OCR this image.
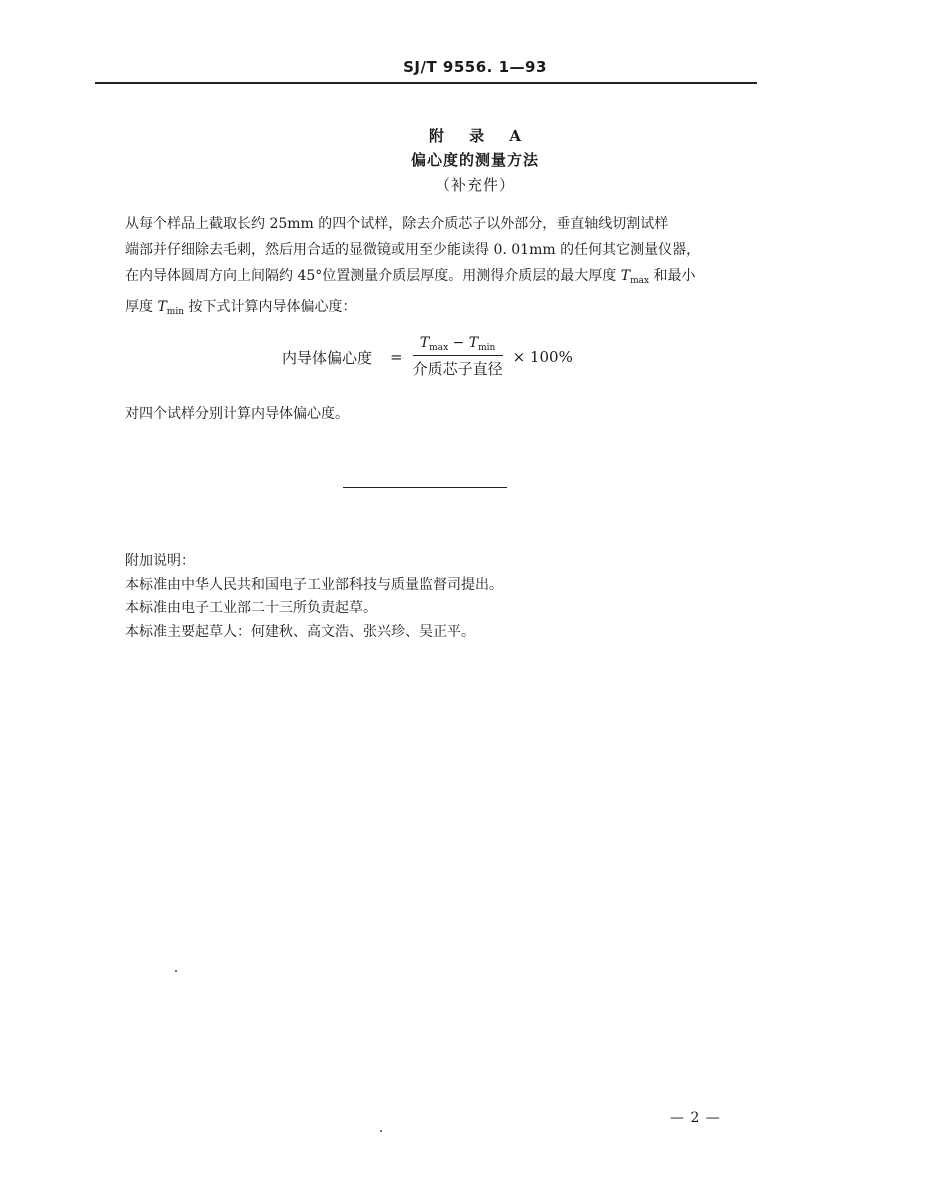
SJ/T 9556. 1—93
附 录 A
偏心度的测量方法
（补充件）
从每个样品上截取长约 25mm 的四个试样，除去介质芯子以外部分，垂直轴线切割试样
端部并仔细除去毛刺，然后用合适的显微镜或用至少能读得 0. 01mm 的任何其它测量仪器，
在内导体圆周方向上间隔约 45°位置测量介质层厚度。用测得介质层的最大厚度 $T_{max}$ 和最小
厚度 $T_{min}$ 按下式计算内导体偏心度：
内导体偏心度 = $\frac{T_{max} - T_{min}}{\text{介质芯子直径}} \times 100\%$
对四个试样分别计算内导体偏心度。
附加说明：
本标准由中华人民共和国电子工业部科技与质量监督司提出。
本标准由电子工业部二十三所负责起草。
本标准主要起草人：何建秋、高文浩、张兴珍、吴正平。
— 2 —
